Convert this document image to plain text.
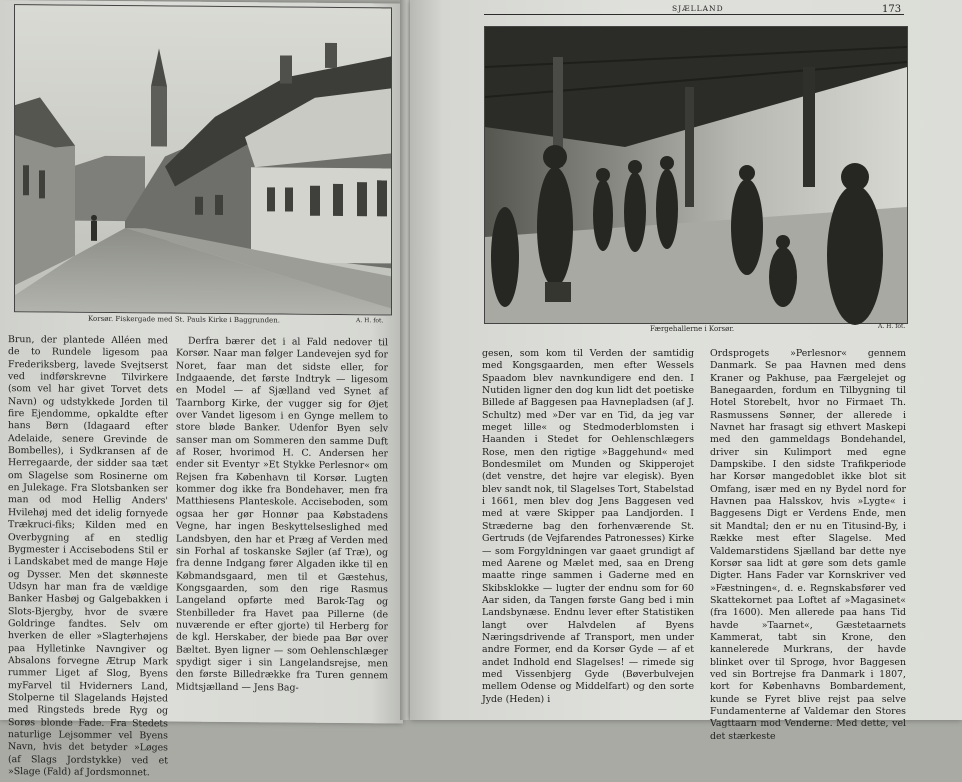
Korsør. Fiskergade med St. Pauls Kirke i Baggrunden.	A. H. fot.

Brun, der plantede Alléen med de to Rundele ligesom paa Frederiksberg, lavede Svejtserst ved indførskrevne Tilvirkere (som vel har givet Torvet dets Navn) og udstykkede Jorden til fire Ejendomme, opkaldte efter hans Børn (Idagaard efter Adelaide, senere Grevinde de Bombelles), i Sydkransen af de Herregaarde, der sidder saa tæt om Slagelse som Rosinerne om en Julekage. Fra Slotsbanken ser man od mod Hellig Anders' Hvilehøj med det idelig fornyede Trækruci-fiks; Kilden med en Overbygning af en stedlig Bygmester i Accisebodens Stil er i Landskabet med de mange Høje og Dysser. Men det skønneste Udsyn har man fra de vældige Banker Hasbøj og Galgebakken i Slots-Bjergby, hvor de svære Goldringe fandtes. Selv om hverken de eller »Slagterhøjens paa Hylletinke Navngiver og Absalons forvegne Ætrup Mark rummer Liget af Slog, Byens myFarvel til Hviderners Land, Stolperne til Slagelands Højsted med Ringsteds brede Ryg og Sorøs blonde Fade. Fra Stedets naturlige Lejsommer vel Byens Navn, hvis det betyder »Løges (af Slags Jordstykke) ved et »Slage (Fald) af Jordsmonnet.

Derfra bærer det i al Fald nedover til Korsør. Naar man følger Landevejen syd for Noret, faar man det sidste eller, for Indgaaende, det første Indtryk — ligesom en Model — af Sjælland ved Synet af Taarnborg Kirke, der vugger sig for Øjet over Vandet ligesom i en Gynge mellem to store bløde Banker. Udenfor Byen selv sanser man om Sommeren den samme Duft af Roser, hvorimod H. C. Andersen her ender sit Eventyr »Et Stykke Perlesnor« om Rejsen fra København til Korsør. Lugten kommer dog ikke fra Bondehaver, men fra Matthiesens Planteskole. Acciseboden, som ogsaa her gør Honnør paa Købstadens Vegne, har ingen Beskyttelseslighed med Landsbyen, den har et Præg af Verden med sin Forhal af toskanske Søjler (af Træ), og fra denne Indgang fører Algaden ikke til en Købmandsgaard, men til et Gæstehus, Kongsgaarden, som den rige Rasmus Langeland opførte med Barok-Tag og Stenbilleder fra Havet paa Pillerne (de nuværende er efter gjorte) til Herberg for de kgl. Herskaber, der biede paa Bør over Bæltet. Byen ligner — som Oehlenschlæger spydigt siger i sin Langelandsrejse, men den første Billedrække fra Turen gennem Midtsjælland — Jens Bag-

SJÆLLAND	173
Færgehallerne i Korsør.	A. H. fot.

gesen, som kom til Verden der samtidig med Kongsgaarden, men efter Wessels Spaadom blev navnkundigere end den. I Nutiden ligner den dog kun lidt det poetiske Billede af Baggesen paa Havnepladsen (af J. Schultz) med »Der var en Tid, da jeg var meget lille« og Stedmoderblomsten i Haanden i Stedet for Oehlenschlægers Rose, men den rigtige »Baggehund« med Bondesmilet om Munden og Skipperojet (det venstre, det højre var elegisk). Byen blev sandt nok, til Slagelses Tort, Stabelstad i 1661, men blev dog Jens Baggesen ved med at være Skipper paa Landjorden. I Stræderne bag den forhenværende St. Gertruds (de Vejfarendes Patronesses) Kirke — som Forgyldningen var gaaet grundigt af med Aarene og Mælet med, saa en Dreng maatte ringe sammen i Gaderne med en Skibsklokke — lugter der endnu som for 60 Aar siden, da Tangen første Gang bed i min Landsbynæse. Endnu lever efter Statistiken langt over Halvdelen af Byens Næringsdrivende af Transport, men under andre Former, end da Korsør Gyde — af et andet Indhold end Slagelses! — rimede sig med Vissenbjerg Gyde (Bøverbulvejen mellem Odense og Middelfart) og den sorte Jyde (Heden) i

Ordsprogets »Perlesnor« gennem Danmark. Se paa Havnen med dens Kraner og Pakhuse, paa Færgelejet og Banegaarden, fordum en Tilbygning til Hotel Storebelt, hvor no Firmaet Th. Rasmussens Sønner, der allerede i Navnet har frasagt sig ethvert Maskepi med den gammeldags Bondehandel, driver sin Kulimport med egne Dampskibe. I den sidste Trafikperiode har Korsør mangedoblet ikke blot sit Omfang, især med en ny Bydel nord for Havnen paa Halsskov, hvis »Lygte« i Baggesens Digt er Verdens Ende, men sit Mandtal; den er nu en Titusind-By, i Række mest efter Slagelse. Med Valdemarstidens Sjælland bar dette nye Korsør saa lidt at gøre som dets gamle Digter. Hans Fader var Kornskriver ved »Fæstningen«, d. e. Regnskabsfører ved Skattekornet paa Loftet af »Magasinet« (fra 1600). Men allerede paa hans Tid havde »Taarnet«, Gæstetaarnets Kammerat, tabt sin Krone, den kannelerede Murkrans, der havde blinket over til Sprogø, hvor Baggesen ved sin Bortrejse fra Danmark i 1807, kort for Københavns Bombardement, kunde se Fyret blive rejst paa selve Fundamenterne af Valdemar den Stores Vagttaarn mod Venderne. Med dette, vel det stærkeste
